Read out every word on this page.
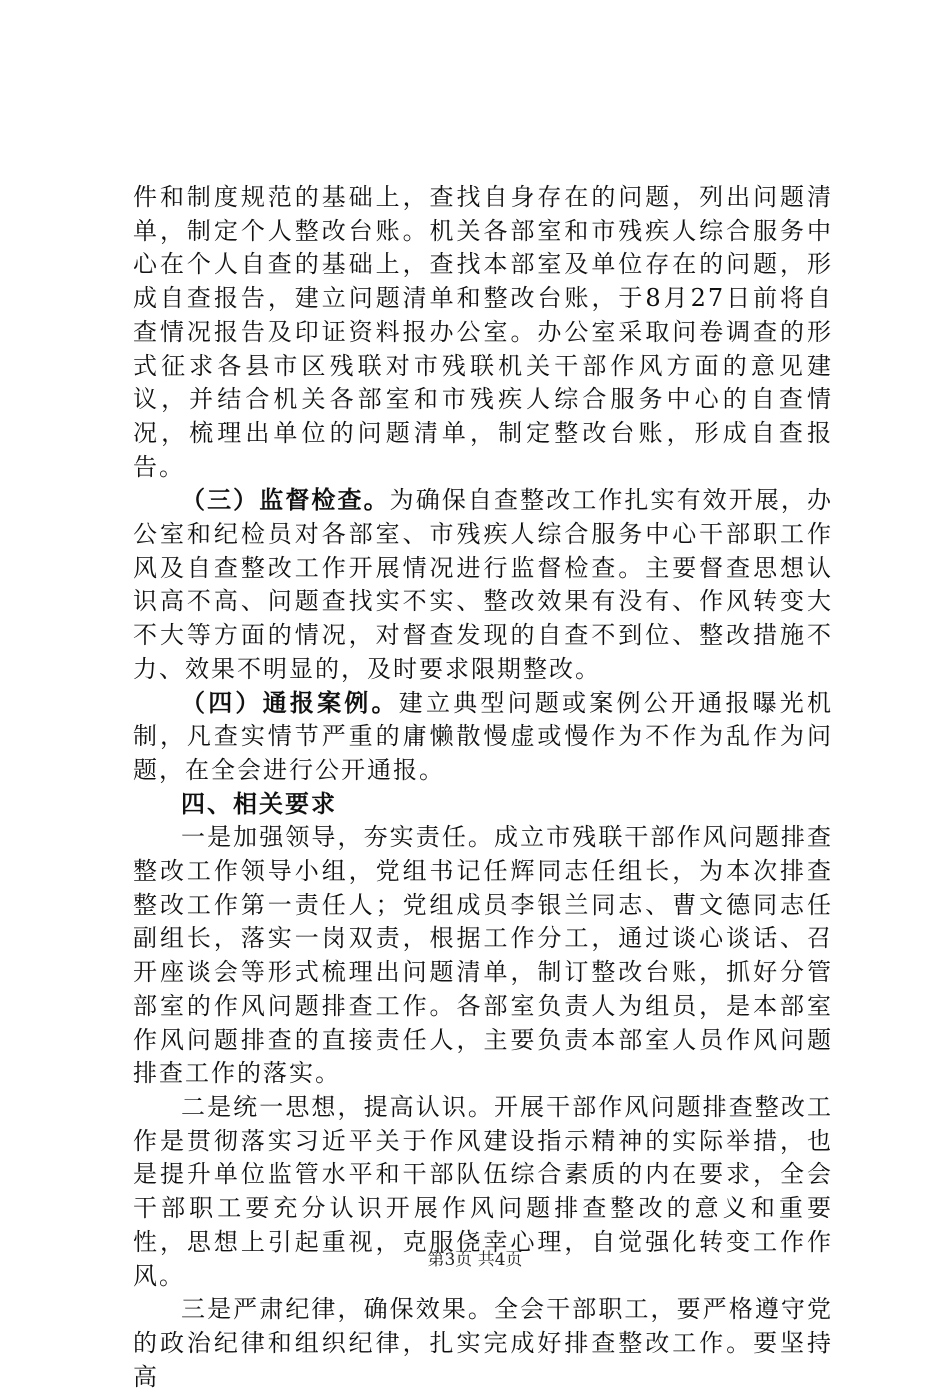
件和制度规范的基础上，查找自身存在的问题，列出问题清单，制定个人整改台账。机关各部室和市残疾人综合服务中心在个人自查的基础上，查找本部室及单位存在的问题，形成自查报告，建立问题清单和整改台账，于8月27日前将自查情况报告及印证资料报办公室。办公室采取问卷调查的形式征求各县市区残联对市残联机关干部作风方面的意见建议，并结合机关各部室和市残疾人综合服务中心的自查情况，梳理出单位的问题清单，制定整改台账，形成自查报告。

（三）监督检查。为确保自查整改工作扎实有效开展，办公室和纪检员对各部室、市残疾人综合服务中心干部职工作风及自查整改工作开展情况进行监督检查。主要督查思想认识高不高、问题查找实不实、整改效果有没有、作风转变大不大等方面的情况，对督查发现的自查不到位、整改措施不力、效果不明显的，及时要求限期整改。

（四）通报案例。建立典型问题或案例公开通报曝光机制，凡查实情节严重的庸懒散慢虚或慢作为不作为乱作为问题，在全会进行公开通报。

四、相关要求

一是加强领导，夯实责任。成立市残联干部作风问题排查整改工作领导小组，党组书记任辉同志任组长，为本次排查整改工作第一责任人；党组成员李银兰同志、曹文德同志任副组长，落实一岗双责，根据工作分工，通过谈心谈话、召开座谈会等形式梳理出问题清单，制订整改台账，抓好分管部室的作风问题排查工作。各部室负责人为组员，是本部室作风问题排查的直接责任人，主要负责本部室人员作风问题排查工作的落实。

二是统一思想，提高认识。开展干部作风问题排查整改工作是贯彻落实习近平关于作风建设指示精神的实际举措，也是提升单位监管水平和干部队伍综合素质的内在要求，全会干部职工要充分认识开展作风问题排查整改的意义和重要性，思想上引起重视，克服侥幸心理，自觉强化转变工作作风。

三是严肃纪律，确保效果。全会干部职工，要严格遵守党的政治纪律和组织纪律，扎实完成好排查整改工作。要坚持高

第3页 共4页
